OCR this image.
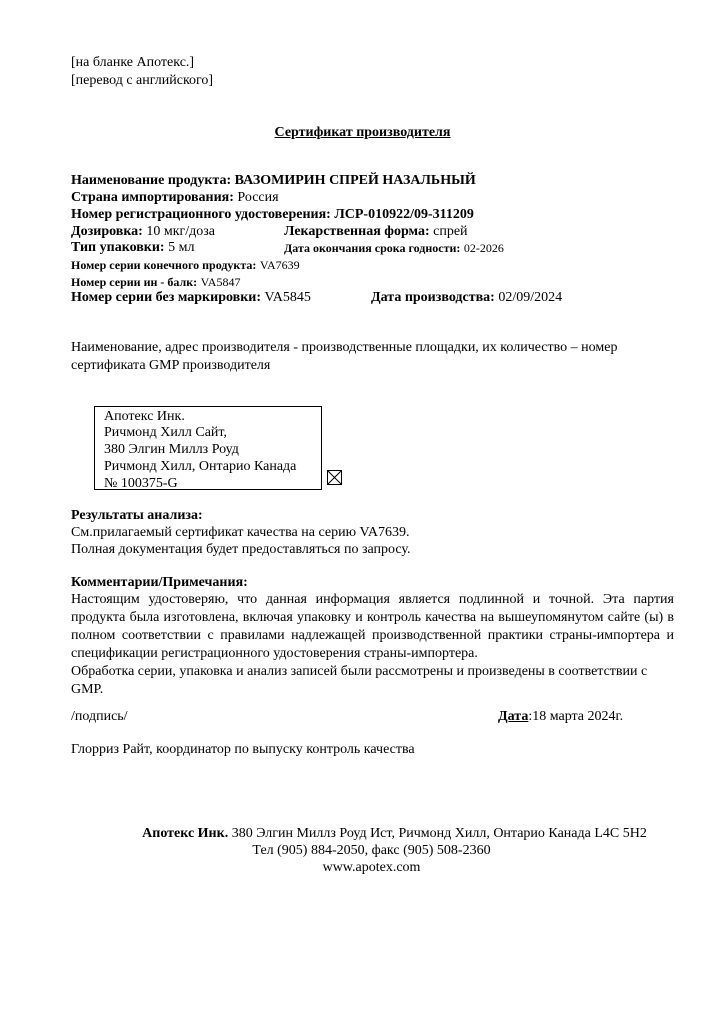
[на бланке Апотекс.]
[перевод с английского]
Сертификат производителя
Наименование продукта: ВАЗОМИРИН СПРЕЙ НАЗАЛЬНЫЙ
Страна импортирования: Россия
Номер регистрационного удостоверения: ЛСР-010922/09-311209
Дозировка: 10 мкг/доза	Лекарственная форма: спрей
Тип упаковки: 5 мл	Дата окончания срока годности: 02-2026
Номер серии конечного продукта: VA7639
Номер серии ин - балк: VA5847
Номер серии без маркировки: VA5845	Дата производства: 02/09/2024
Наименование, адрес производителя - производственные площадки, их количество – номер
сертификата GMP производителя
Апотекс Инк.
Ричмонд Хилл Сайт,
380 Элгин Миллз Роуд
Ричмонд Хилл, Онтарио Канада
№ 100375-G
Результаты анализа:
См.прилагаемый сертификат качества на серию VA7639.
Полная документация будет предоставляться по запросу.
Комментарии/Примечания:
Настоящим удостоверяю, что данная информация является подлинной и точной. Эта партия продукта была изготовлена, включая упаковку и контроль качества на вышеупомянутом сайте (ы) в полном соответствии с правилами надлежащей производственной практики страны-импортера и спецификации регистрационного удостоверения страны-импортера.
Обработка серии, упаковка и анализ записей были рассмотрены и произведены в соответствии с GMP.
/подпись/	Дата:18 марта 2024г.
Глорриз Райт, координатор по выпуску контроль качества
Апотекс Инк. 380 Элгин Миллз Роуд Ист, Ричмонд Хилл, Онтарио Канада L4C 5H2
Тел (905) 884-2050, факс (905) 508-2360
www.apotex.com
